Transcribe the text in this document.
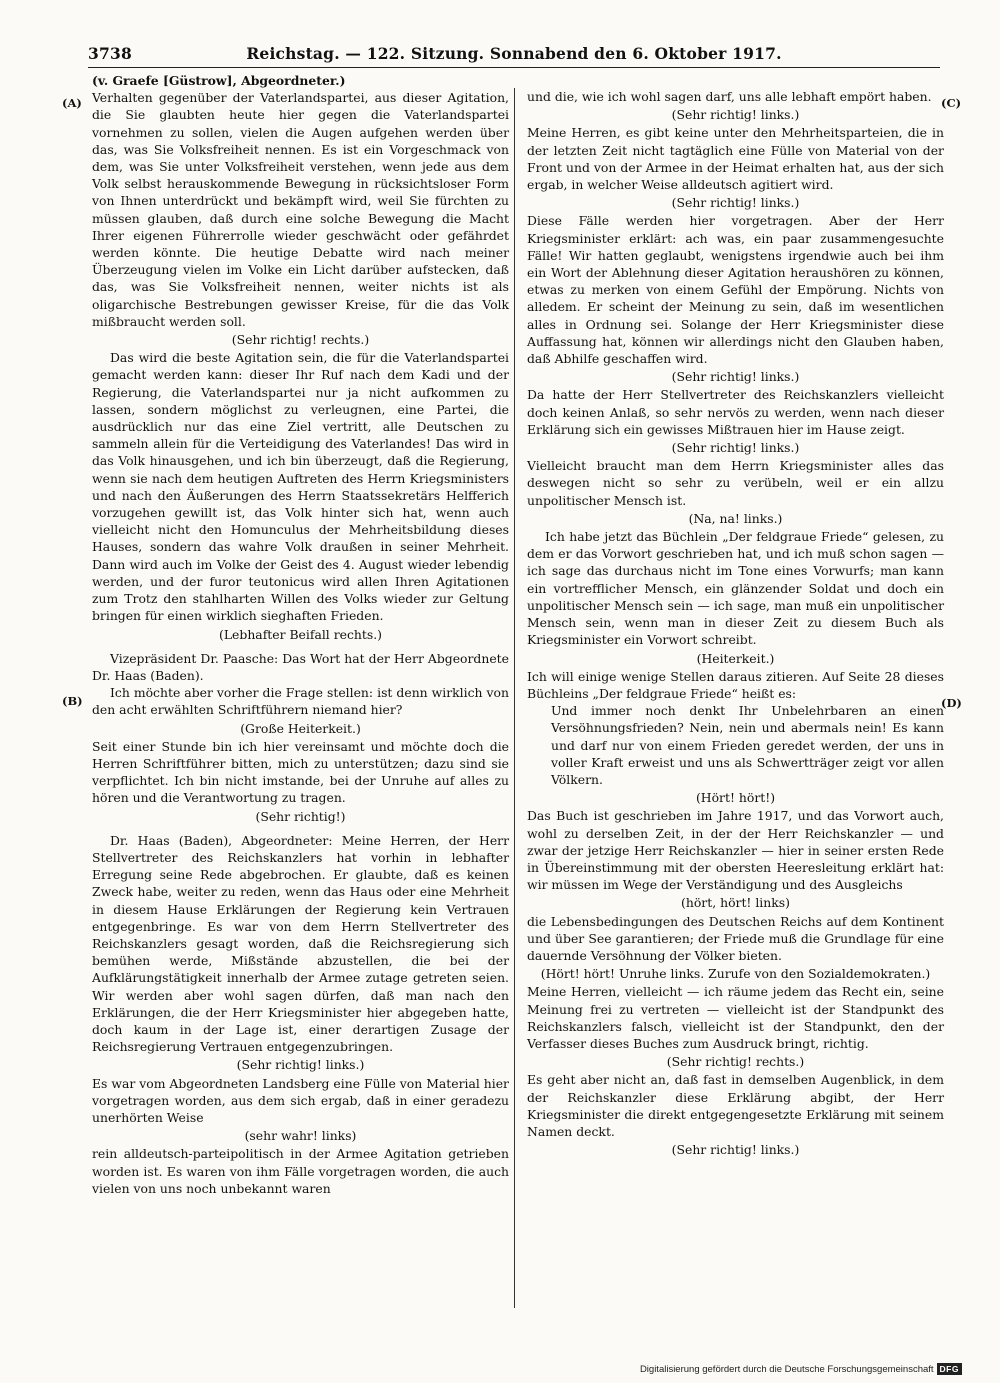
3738	Reichstag. — 122. Sitzung. Sonnabend den 6. Oktober 1917.
(A)
(B)
(C)
(D)

(v. Graefe [Güstrow], Abgeordneter.)

Verhalten gegenüber der Vaterlandspartei, aus dieser Agitation, die Sie glaubten heute hier gegen die Vaterlandspartei vornehmen zu sollen, vielen die Augen aufgehen werden über das, was Sie Volksfreiheit nennen. Es ist ein Vorgeschmack von dem, was Sie unter Volksfreiheit verstehen, wenn jede aus dem Volk selbst herauskommende Bewegung in rücksichtsloser Form von Ihnen unterdrückt und bekämpft wird, weil Sie fürchten zu müssen glauben, daß durch eine solche Bewegung die Macht Ihrer eigenen Führerrolle wieder geschwächt oder gefährdet werden könnte. Die heutige Debatte wird nach meiner Überzeugung vielen im Volke ein Licht darüber aufstecken, daß das, was Sie Volksfreiheit nennen, weiter nichts ist als oligarchische Bestrebungen gewisser Kreise, für die das Volk mißbraucht werden soll.

(Sehr richtig! rechts.)

Das wird die beste Agitation sein, die für die Vaterlandspartei gemacht werden kann: dieser Ihr Ruf nach dem Kadi und der Regierung, die Vaterlandspartei nur ja nicht aufkommen zu lassen, sondern möglichst zu verleugnen, eine Partei, die ausdrücklich nur das eine Ziel vertritt, alle Deutschen zu sammeln allein für die Verteidigung des Vaterlandes! Das wird in das Volk hinausgehen, und ich bin überzeugt, daß die Regierung, wenn sie nach dem heutigen Auftreten des Herrn Kriegsministers und nach den Äußerungen des Herrn Staatssekretärs Helfferich vorzugehen gewillt ist, das Volk hinter sich hat, wenn auch vielleicht nicht den Homunculus der Mehrheitsbildung dieses Hauses, sondern das wahre Volk draußen in seiner Mehrheit. Dann wird auch im Volke der Geist des 4. August wieder lebendig werden, und der furor teutonicus wird allen Ihren Agitationen zum Trotz den stahlharten Willen des Volks wieder zur Geltung bringen für einen wirklich sieghaften Frieden.

(Lebhafter Beifall rechts.)

Vizepräsident Dr. Paasche: Das Wort hat der Herr Abgeordnete Dr. Haas (Baden).

Ich möchte aber vorher die Frage stellen: ist denn wirklich von den acht erwählten Schriftführern niemand hier?

(Große Heiterkeit.)

Seit einer Stunde bin ich hier vereinsamt und möchte doch die Herren Schriftführer bitten, mich zu unterstützen; dazu sind sie verpflichtet. Ich bin nicht imstande, bei der Unruhe auf alles zu hören und die Verantwortung zu tragen.

(Sehr richtig!)

Dr. Haas (Baden), Abgeordneter: Meine Herren, der Herr Stellvertreter des Reichskanzlers hat vorhin in lebhafter Erregung seine Rede abgebrochen. Er glaubte, daß es keinen Zweck habe, weiter zu reden, wenn das Haus oder eine Mehrheit in diesem Hause Erklärungen der Regierung kein Vertrauen entgegenbringe. Es war von dem Herrn Stellvertreter des Reichskanzlers gesagt worden, daß die Reichsregierung sich bemühen werde, Mißstände abzustellen, die bei der Aufklärungstätigkeit innerhalb der Armee zutage getreten seien. Wir werden aber wohl sagen dürfen, daß man nach den Erklärungen, die der Herr Kriegsminister hier abgegeben hatte, doch kaum in der Lage ist, einer derartigen Zusage der Reichsregierung Vertrauen entgegenzubringen.

(Sehr richtig! links.)

Es war vom Abgeordneten Landsberg eine Fülle von Material hier vorgetragen worden, aus dem sich ergab, daß in einer geradezu unerhörten Weise

(sehr wahr! links)

rein alldeutsch-parteipolitisch in der Armee Agitation getrieben worden ist. Es waren von ihm Fälle vorgetragen worden, die auch vielen von uns noch unbekannt waren

und die, wie ich wohl sagen darf, uns alle lebhaft empört haben.

(Sehr richtig! links.)

Meine Herren, es gibt keine unter den Mehrheitsparteien, die in der letzten Zeit nicht tagtäglich eine Fülle von Material von der Front und von der Armee in der Heimat erhalten hat, aus der sich ergab, in welcher Weise alldeutsch agitiert wird.

(Sehr richtig! links.)

Diese Fälle werden hier vorgetragen. Aber der Herr Kriegsminister erklärt: ach was, ein paar zusammengesuchte Fälle! Wir hatten geglaubt, wenigstens irgendwie auch bei ihm ein Wort der Ablehnung dieser Agitation heraushören zu können, etwas zu merken von einem Gefühl der Empörung. Nichts von alledem. Er scheint der Meinung zu sein, daß im wesentlichen alles in Ordnung sei. Solange der Herr Kriegsminister diese Auffassung hat, können wir allerdings nicht den Glauben haben, daß Abhilfe geschaffen wird.

(Sehr richtig! links.)

Da hatte der Herr Stellvertreter des Reichskanzlers vielleicht doch keinen Anlaß, so sehr nervös zu werden, wenn nach dieser Erklärung sich ein gewisses Mißtrauen hier im Hause zeigt.

(Sehr richtig! links.)

Vielleicht braucht man dem Herrn Kriegsminister alles das deswegen nicht so sehr zu verübeln, weil er ein allzu unpolitischer Mensch ist.

(Na, na! links.)

Ich habe jetzt das Büchlein „Der feldgraue Friede“ gelesen, zu dem er das Vorwort geschrieben hat, und ich muß schon sagen — ich sage das durchaus nicht im Tone eines Vorwurfs; man kann ein vortrefflicher Mensch, ein glänzender Soldat und doch ein unpolitischer Mensch sein — ich sage, man muß ein unpolitischer Mensch sein, wenn man in dieser Zeit zu diesem Buch als Kriegsminister ein Vorwort schreibt.

(Heiterkeit.)

Ich will einige wenige Stellen daraus zitieren. Auf Seite 28 dieses Büchleins „Der feldgraue Friede“ heißt es:

Und immer noch denkt Ihr Unbelehrbaren an einen Versöhnungsfrieden? Nein, nein und abermals nein! Es kann und darf nur von einem Frieden geredet werden, der uns in voller Kraft erweist und uns als Schwertträger zeigt vor allen Völkern.

(Hört! hört!)

Das Buch ist geschrieben im Jahre 1917, und das Vorwort auch, wohl zu derselben Zeit, in der der Herr Reichskanzler — und zwar der jetzige Herr Reichskanzler — hier in seiner ersten Rede in Übereinstimmung mit der obersten Heeresleitung erklärt hat: wir müssen im Wege der Verständigung und des Ausgleichs

(hört, hört! links)

die Lebensbedingungen des Deutschen Reichs auf dem Kontinent und über See garantieren; der Friede muß die Grundlage für eine dauernde Versöhnung der Völker bieten.

(Hört! hört! Unruhe links. Zurufe von den Sozialdemokraten.)

Meine Herren, vielleicht — ich räume jedem das Recht ein, seine Meinung frei zu vertreten — vielleicht ist der Standpunkt des Reichskanzlers falsch, vielleicht ist der Standpunkt, den der Verfasser dieses Buches zum Ausdruck bringt, richtig.

(Sehr richtig! rechts.)

Es geht aber nicht an, daß fast in demselben Augenblick, in dem der Reichskanzler diese Erklärung abgibt, der Herr Kriegsminister die direkt entgegengesetzte Erklärung mit seinem Namen deckt.

(Sehr richtig! links.)

Digitalisierung gefördert durch die Deutsche Forschungsgemeinschaft DFG
